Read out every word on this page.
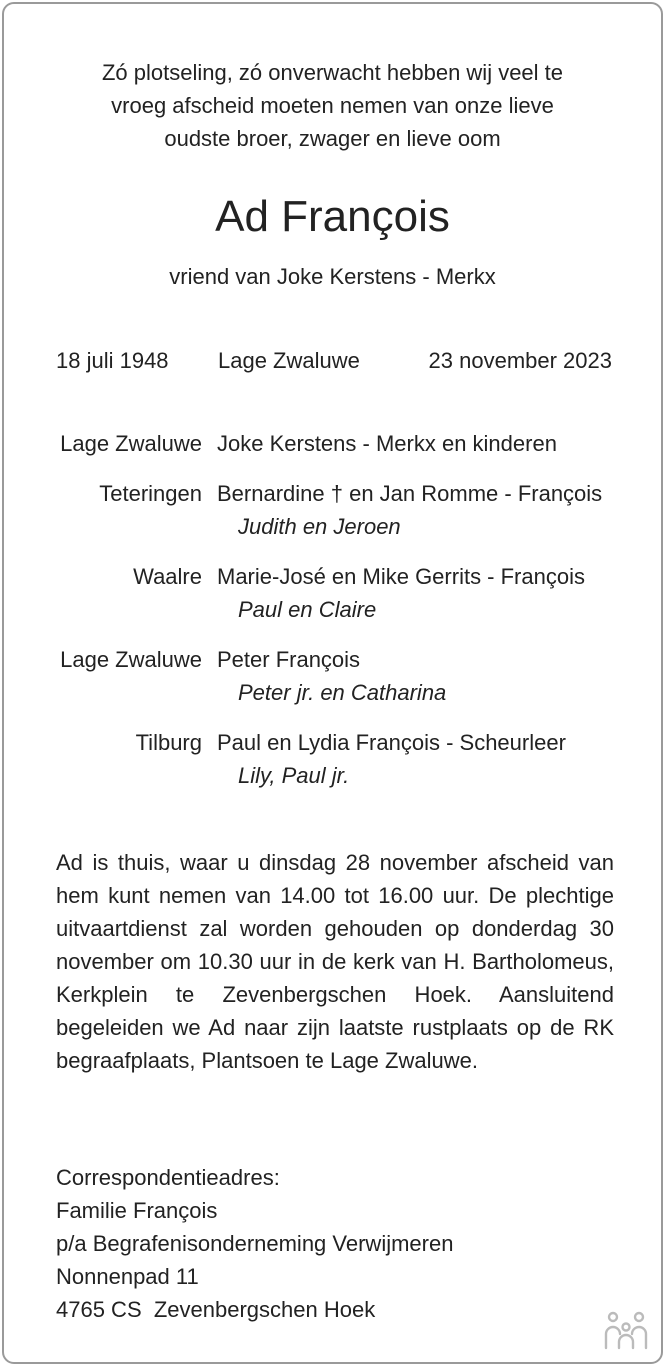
Zó plotseling, zó onverwacht hebben wij veel te
vroeg afscheid moeten nemen van onze lieve
oudste broer, zwager en lieve oom
Ad François
vriend van Joke Kerstens - Merkx
18 juli 1948 Lage Zwaluwe	23 november 2023
Lage Zwaluwe Joke Kerstens - Merkx en kinderen
Teteringen Bernardine † en Jan Romme - François
Judith en Jeroen
Waalre Marie-José en Mike Gerrits - François
Paul en Claire
Lage Zwaluwe Peter François
Peter jr. en Catharina
Tilburg Paul en Lydia François - Scheurleer
Lily, Paul jr.
Ad is thuis, waar u dinsdag 28 november afscheid van hem kunt nemen van 14.00 tot 16.00 uur. De plechtige uitvaartdienst zal worden gehouden op donderdag 30 november om 10.30 uur in de kerk van H. Bartholomeus, Kerkplein te Zevenbergschen Hoek. Aansluitend begeleiden we Ad naar zijn laatste rustplaats op de RK begraafplaats, Plantsoen te Lage Zwaluwe.
Correspondentieadres:
Familie François
p/a Begrafenisonderneming Verwijmeren
Nonnenpad 11
4765 CS  Zevenbergschen Hoek
